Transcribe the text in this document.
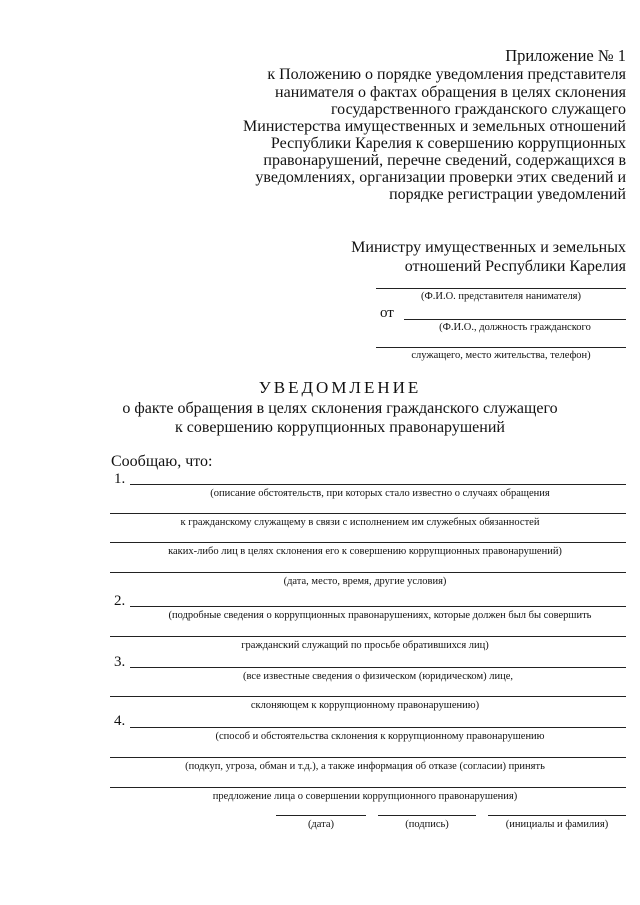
Приложение № 1
к Положению о порядке уведомления представителя
нанимателя о фактах обращения в целях склонения
государственного гражданского служащего
Министерства имущественных и земельных отношений
Республики Карелия к совершению коррупционных
правонарушений, перечне сведений, содержащихся в
уведомлениях, организации проверки этих сведений и
порядке регистрации уведомлений
Министру имущественных и земельных
отношений Республики Карелия
(Ф.И.О. представителя нанимателя)
от
(Ф.И.О., должность гражданского
служащего, место жительства, телефон)
УВЕДОМЛЕНИЕ
о факте обращения в целях склонения гражданского служащего
к совершению коррупционных правонарушений
Сообщаю, что:
1.
(описание обстоятельств, при которых стало известно о случаях обращения
к гражданскому служащему в связи с исполнением им служебных обязанностей
каких-либо лиц в целях склонения его к совершению коррупционных правонарушений)
(дата, место, время, другие условия)
2.
(подробные сведения о коррупционных правонарушениях, которые должен был бы совершить
гражданский служащий по просьбе обратившихся лиц)
3.
(все известные сведения о физическом (юридическом) лице,
склоняющем к коррупционному правонарушению)
4.
(способ и обстоятельства склонения к коррупционному правонарушению
(подкуп, угроза, обман и т.д.), а также информация об отказе (согласии) принять
предложение лица о совершении коррупционного правонарушения)
(дата)	(подпись)	(инициалы и фамилия)
